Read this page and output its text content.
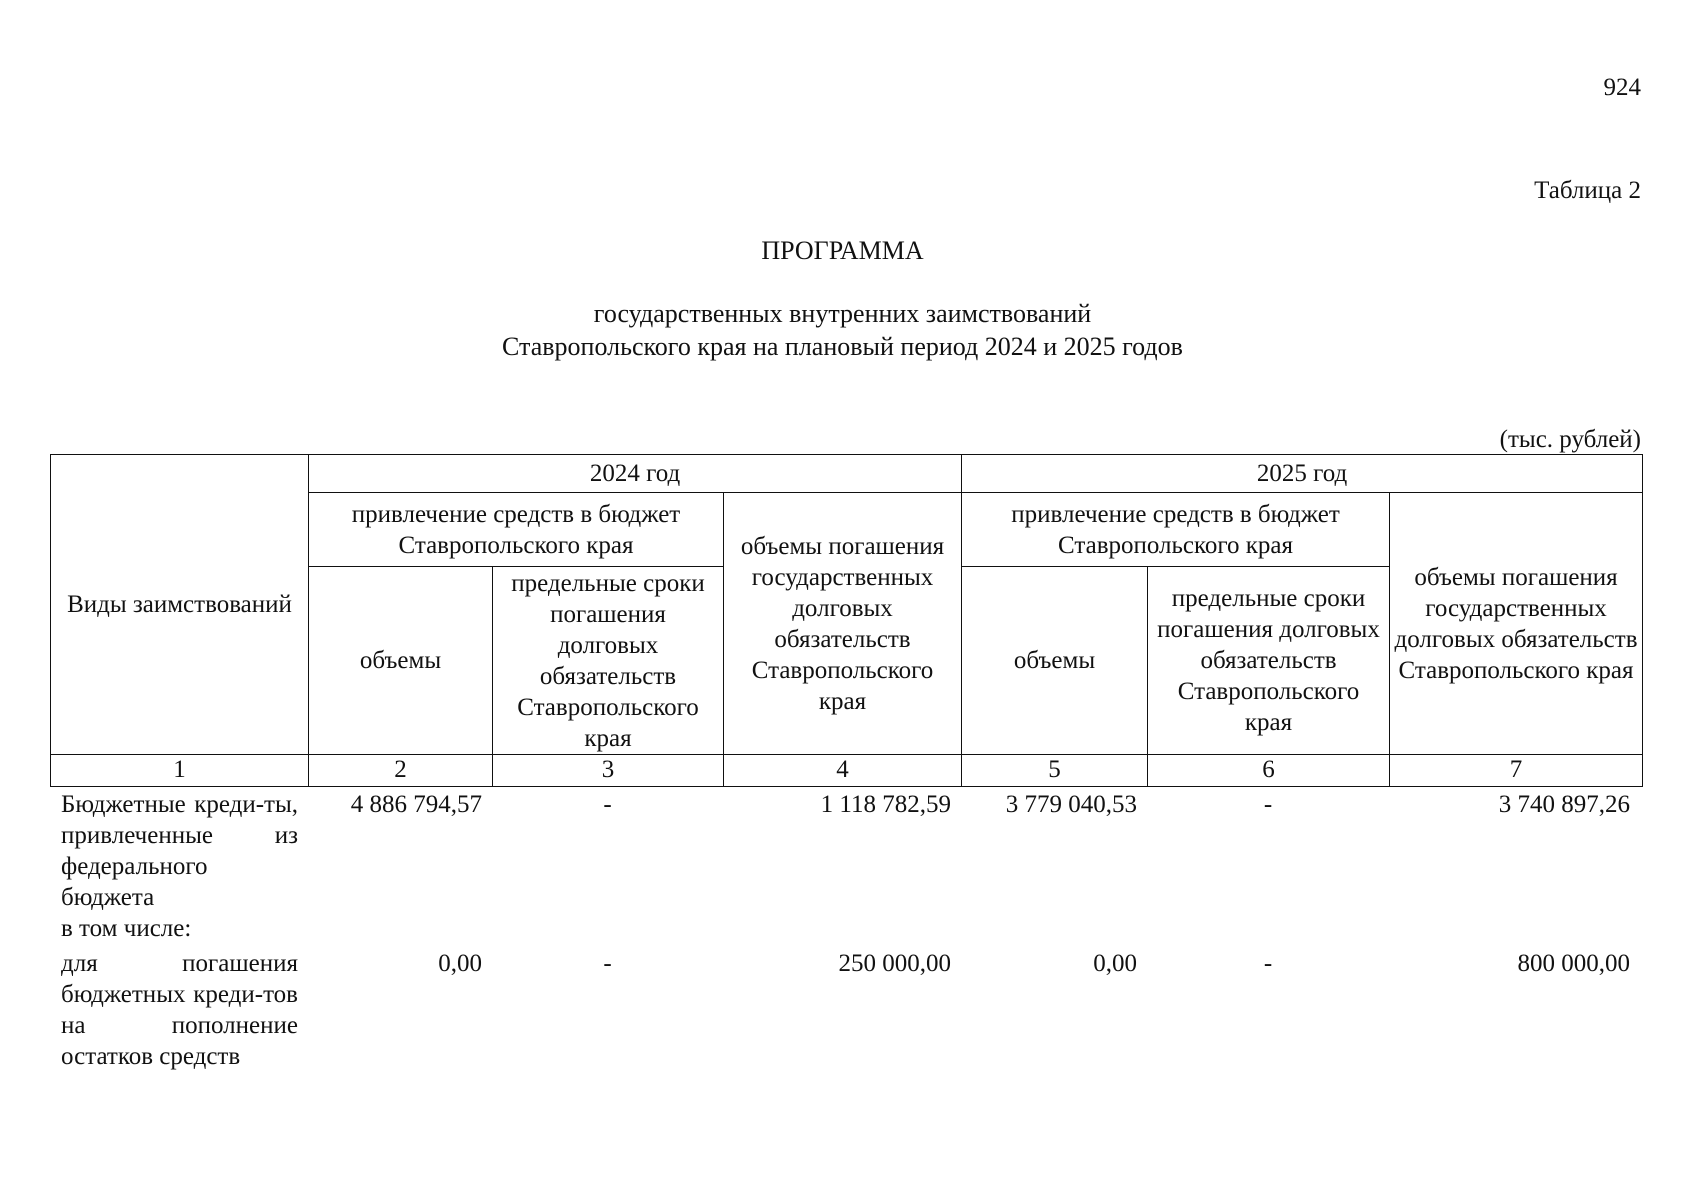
924
Таблица 2
ПРОГРАММА
государственных внутренних заимствований
Ставропольского края на плановый период 2024 и 2025 годов
(тыс. рублей)
Виды заимствований	2024 год			2025 год		
	привлечение средств в бюджет Ставропольского края		объемы погашения государственных долговых обязательств Ставропольского края	привлечение средств в бюджет Ставропольского края		объемы погашения государственных долговых обязательств Ставропольского края
	объемы	предельные сроки погашения долговых обязательств Ставропольского края		объемы	предельные сроки погашения долговых обязательств Ставропольского края	
1	2	3	4	5	6	7
Бюджетные креди-ты, привлеченные из федерального бюджета
в том числе:	4 886 794,57	-	1 118 782,59	3 779 040,53	-	3 740 897,26

для погашения бюджетных креди-тов на пополнение остатков средств	0,00	-	250 000,00	0,00	-	800 000,00
